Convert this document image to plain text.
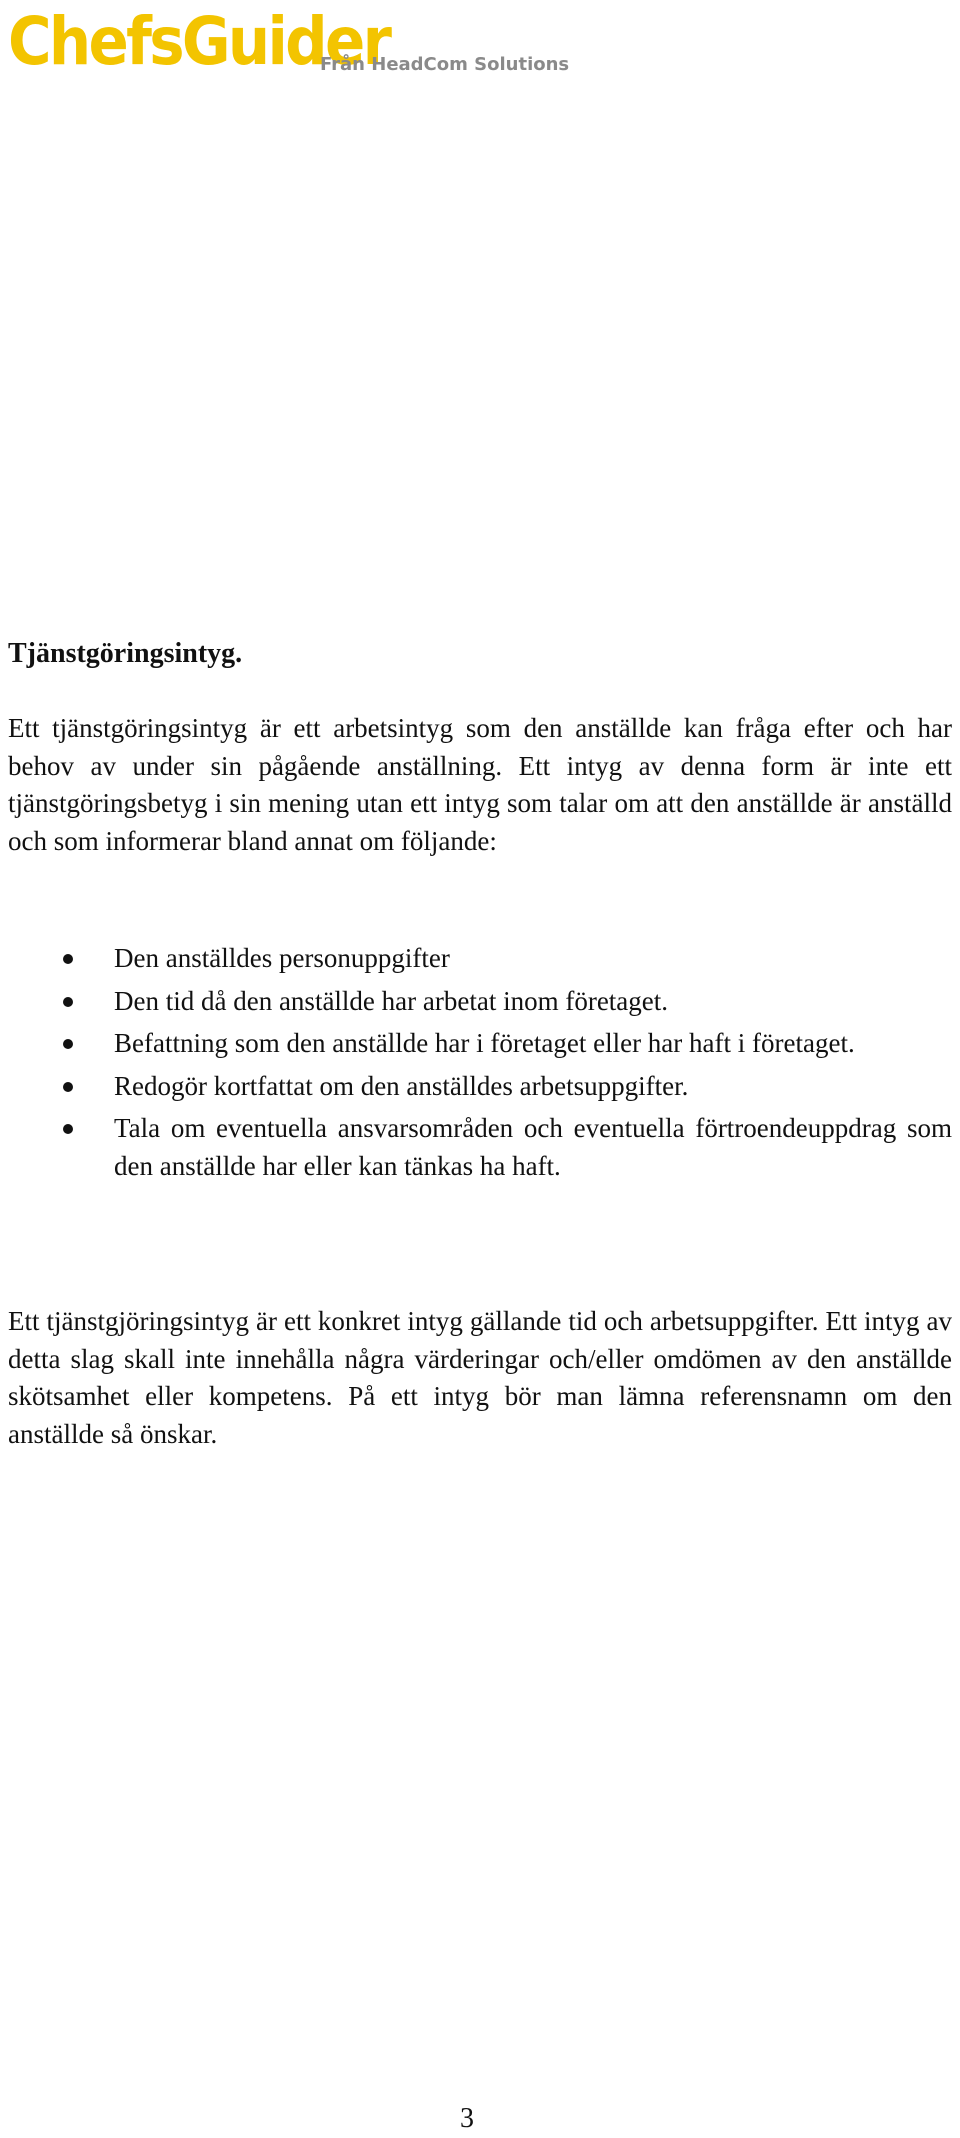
ChefsGuider
Från HeadCom Solutions
Tjänstgöringsintyg.

Ett tjänstgöringsintyg är ett arbetsintyg som den anställde kan fråga efter och har behov av under sin pågående anställning. Ett intyg av denna form är inte ett tjänstgöringsbetyg i sin mening utan ett intyg som talar om att den anställde är anställd och som informerar bland annat om följande:

Den anställdes personuppgifter
Den tid då den anställde har arbetat inom företaget.
Befattning som den anställde har i företaget eller har haft i företaget.
Redogör kortfattat om den anställdes arbetsuppgifter.
Tala om eventuella ansvarsområden och eventuella förtroendeuppdrag som den anställde har eller kan tänkas ha haft.

Ett tjänstgjöringsintyg är ett konkret intyg gällande tid och arbetsuppgifter. Ett intyg av detta slag skall inte innehålla några värderingar och/eller omdömen av den anställde skötsamhet eller kompetens. På ett intyg bör man lämna referensnamn om den anställde så önskar.

3
